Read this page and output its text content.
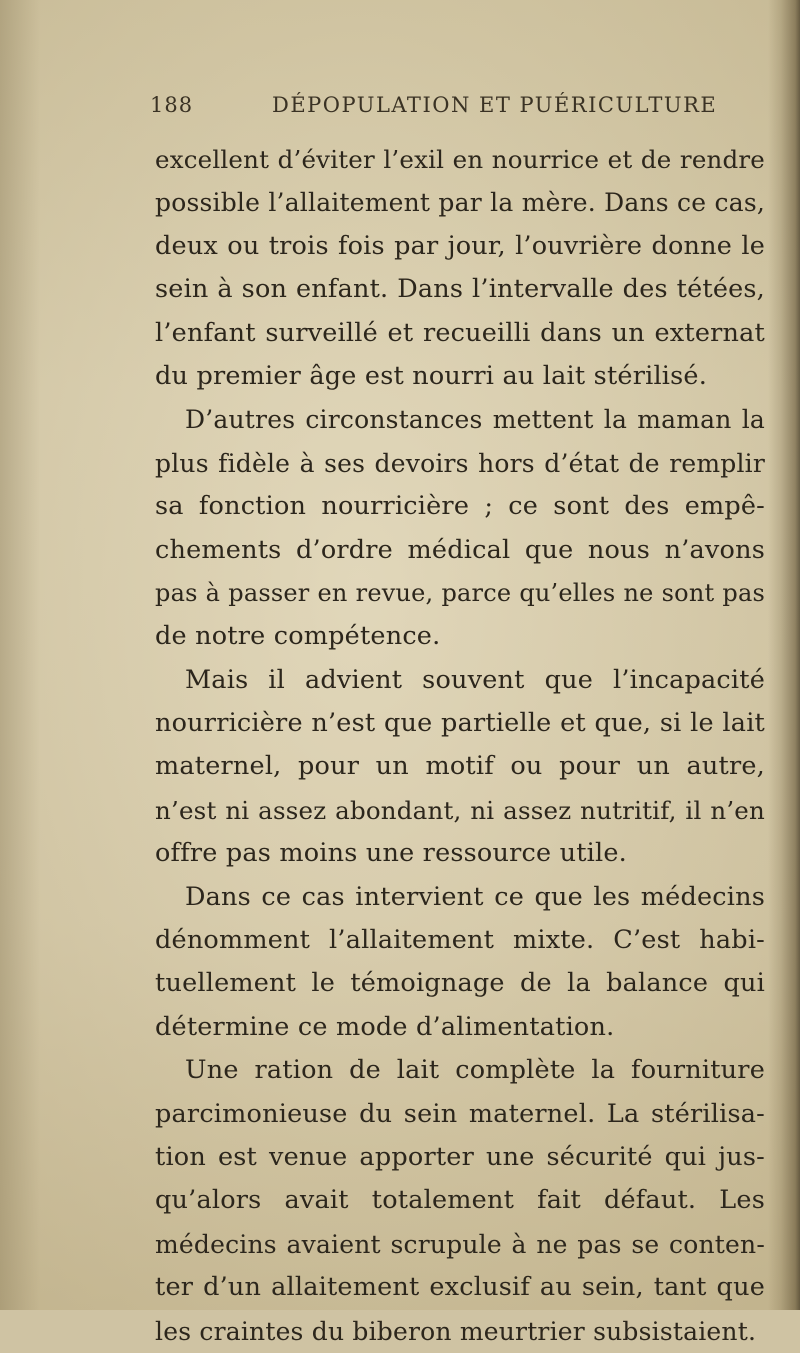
188	DÉPOPULATION ET PUÉRICULTURE
excellent d’éviter l’exil en nourrice et de rendre
possible l’allaitement par la mère. Dans ce cas,
deux ou trois fois par jour, l’ouvrière donne le
sein à son enfant. Dans l’intervalle des tétées,
l’enfant surveillé et recueilli dans un externat
du premier âge est nourri au lait stérilisé.
D’autres circonstances mettent la maman la
plus fidèle à ses devoirs hors d’état de remplir
sa fonction nourricière ; ce sont des empê-
chements d’ordre médical que nous n’avons
pas à passer en revue, parce qu’elles ne sont pas
de notre compétence.
Mais il advient souvent que l’incapacité
nourricière n’est que partielle et que, si le lait
maternel, pour un motif ou pour un autre,
n’est ni assez abondant, ni assez nutritif, il n’en
offre pas moins une ressource utile.
Dans ce cas intervient ce que les médecins
dénomment l’allaitement mixte. C’est habi-
tuellement le témoignage de la balance qui
détermine ce mode d’alimentation.
Une ration de lait complète la fourniture
parcimonieuse du sein maternel. La stérilisa-
tion est venue apporter une sécurité qui jus-
qu’alors avait totalement fait défaut. Les
médecins avaient scrupule à ne pas se conten-
ter d’un allaitement exclusif au sein, tant que
les craintes du biberon meurtrier subsistaient.
